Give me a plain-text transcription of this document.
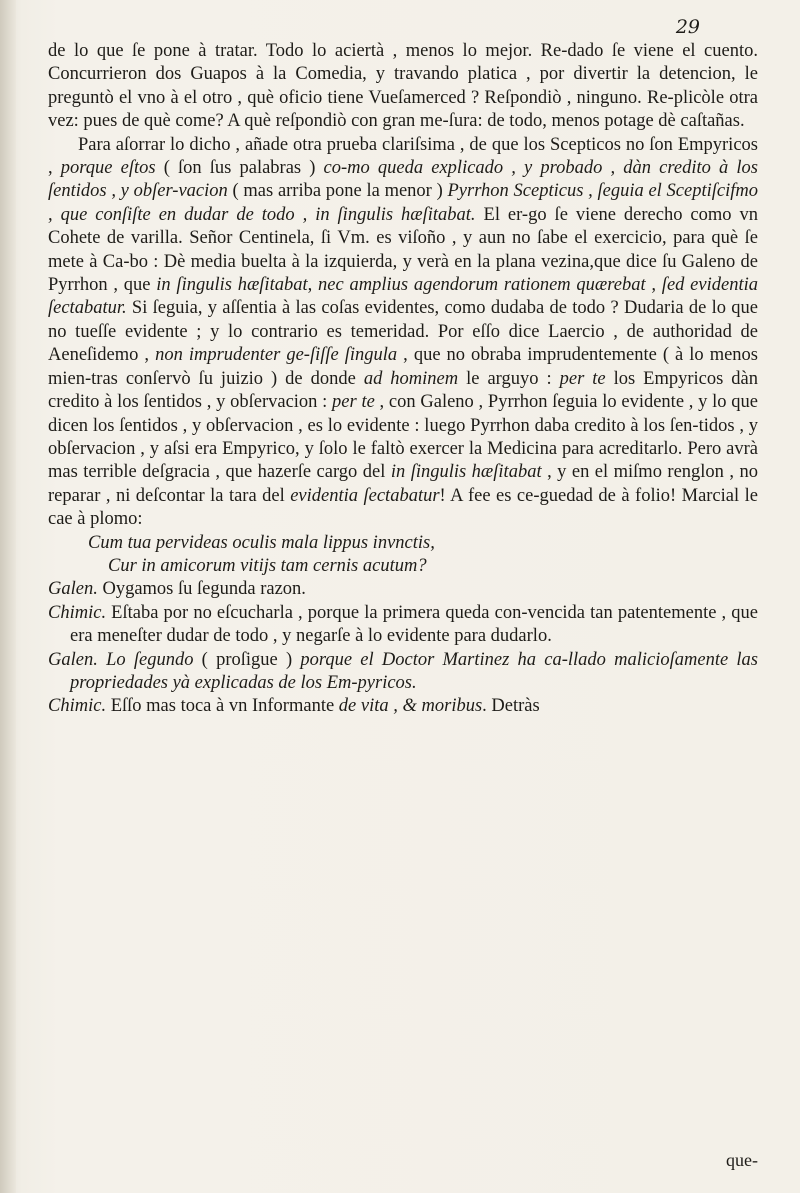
29

de lo que ſe pone à tratar. Todo lo aciertà , menos lo mejor. Re-dado ſe viene el cuento. Concurrieron dos Guapos à la Comedia, y travando platica , por divertir la detencion, le preguntò el vno à el otro , què oficio tiene Vueſamerced ? Reſpondiò , ninguno. Re-plicòle otra vez: pues de què come? A què reſpondiò con gran me-ſura: de todo, menos potage dè caſtañas.

Para aſorrar lo dicho , añade otra prueba clariſsima , de que los Scepticos no ſon Empyricos , porque eſtos ( ſon ſus palabras ) co-mo queda explicado , y probado , dàn credito à los ſentidos , y obſer-vacion ( mas arriba pone la menor ) Pyrrhon Scepticus , ſeguia el Sceptiſcifmo , que conſiſte en dudar de todo , in ſingulis hæſitabat. El er-go ſe viene derecho como vn Cohete de varilla. Señor Centinela, ſi Vm. es viſoño , y aun no ſabe el exercicio, para què ſe mete à Ca-bo : Dè media buelta à la izquierda, y verà en la plana vezina,que dice ſu Galeno de Pyrrhon , que in ſingulis hæſitabat, nec amplius agendorum rationem quærebat , ſed evidentia ſectabatur. Si ſeguia, y aſſentia à las coſas evidentes, como dudaba de todo ? Dudaria de lo que no tueſſe evidente ; y lo contrario es temeridad. Por eſſo dice Laercio , de authoridad de Aeneſidemo , non imprudenter ge-ſiſſe ſingula , que no obraba imprudentemente ( à lo menos mien-tras conſervò ſu juizio ) de donde ad hominem le arguyo : per te los Empyricos dàn credito à los ſentidos , y obſervacion : per te , con Galeno , Pyrrhon ſeguia lo evidente , y lo que dicen los ſentidos , y obſervacion , es lo evidente : luego Pyrrhon daba credito à los ſen-tidos , y obſervacion , y aſsi era Empyrico, y ſolo le faltò exercer la Medicina para acreditarlo. Pero avrà mas terrible deſgracia , que hazerſe cargo del in ſingulis hæſitabat , y en el miſmo renglon , no reparar , ni deſcontar la tara del evidentia ſectabatur! A fee es ce-guedad de à folio! Marcial le cae à plomo:

Cum tua pervideas oculis mala lippus invnctis,

Cur in amicorum vitijs tam cernis acutum?

Galen. Oygamos ſu ſegunda razon.

Chimic. Eſtaba por no eſcucharla , porque la primera queda con-vencida tan patentemente , que era meneſter dudar de todo , y negarſe à lo evidente para dudarlo.

Galen. Lo ſegundo ( proſigue ) porque el Doctor Martinez ha ca-llado malicioſamente las propriedades yà explicadas de los Em-pyricos.

Chimic. Eſſo mas toca à vn Informante de vita , & moribus. Detràs

que-
